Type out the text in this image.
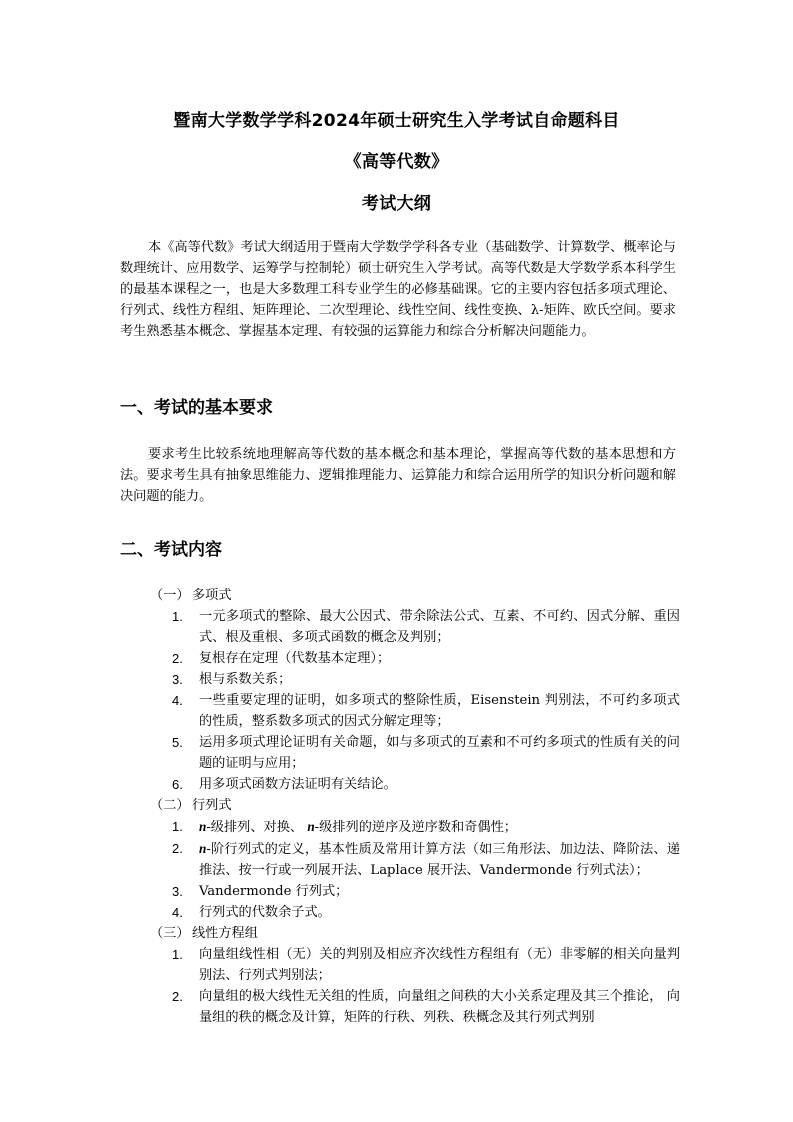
暨南大学数学学科2024年硕士研究生入学考试自命题科目
《高等代数》
考试大纲
本《高等代数》考试大纲适用于暨南大学数学学科各专业（基础数学、计算数学、概率论与数理统计、应用数学、运筹学与控制轮）硕士研究生入学考试。高等代数是大学数学系本科学生的最基本课程之一，也是大多数理工科专业学生的必修基础课。它的主要内容包括多项式理论、行列式、线性方程组、矩阵理论、二次型理论、线性空间、线性变换、λ-矩阵、欧氏空间。要求考生熟悉基本概念、掌握基本定理、有较强的运算能力和综合分析解决问题能力。
一、考试的基本要求
要求考生比较系统地理解高等代数的基本概念和基本理论，掌握高等代数的基本思想和方法。要求考生具有抽象思维能力、逻辑推理能力、运算能力和综合运用所学的知识分析问题和解决问题的能力。
二、考试内容
（一） 多项式
1.	一元多项式的整除、最大公因式、带余除法公式、互素、不可约、因式分解、重因式、根及重根、多项式函数的概念及判别；
2.	复根存在定理（代数基本定理）；
3.	根与系数关系；
4.	一些重要定理的证明，如多项式的整除性质，Eisenstein 判别法，不可约多项式的性质，整系数多项式的因式分解定理等；
5.	运用多项式理论证明有关命题，如与多项式的互素和不可约多项式的性质有关的问题的证明与应用；
6.	用多项式函数方法证明有关结论。
（二） 行列式
1.	n-级排列、对换、 n-级排列的逆序及逆序数和奇偶性；
2.	n-阶行列式的定义，基本性质及常用计算方法（如三角形法、加边法、降阶法、递推法、按一行或一列展开法、Laplace 展开法、Vandermonde 行列式法）；
3.	Vandermonde 行列式；
4.	行列式的代数余子式。
（三） 线性方程组
1.	向量组线性相（无）关的判别及相应齐次线性方程组有（无）非零解的相关向量判别法、行列式判别法；
2.	向量组的极大线性无关组的性质，向量组之间秩的大小关系定理及其三个推论， 向量组的秩的概念及计算，矩阵的行秩、列秩、秩概念及其行列式判别
